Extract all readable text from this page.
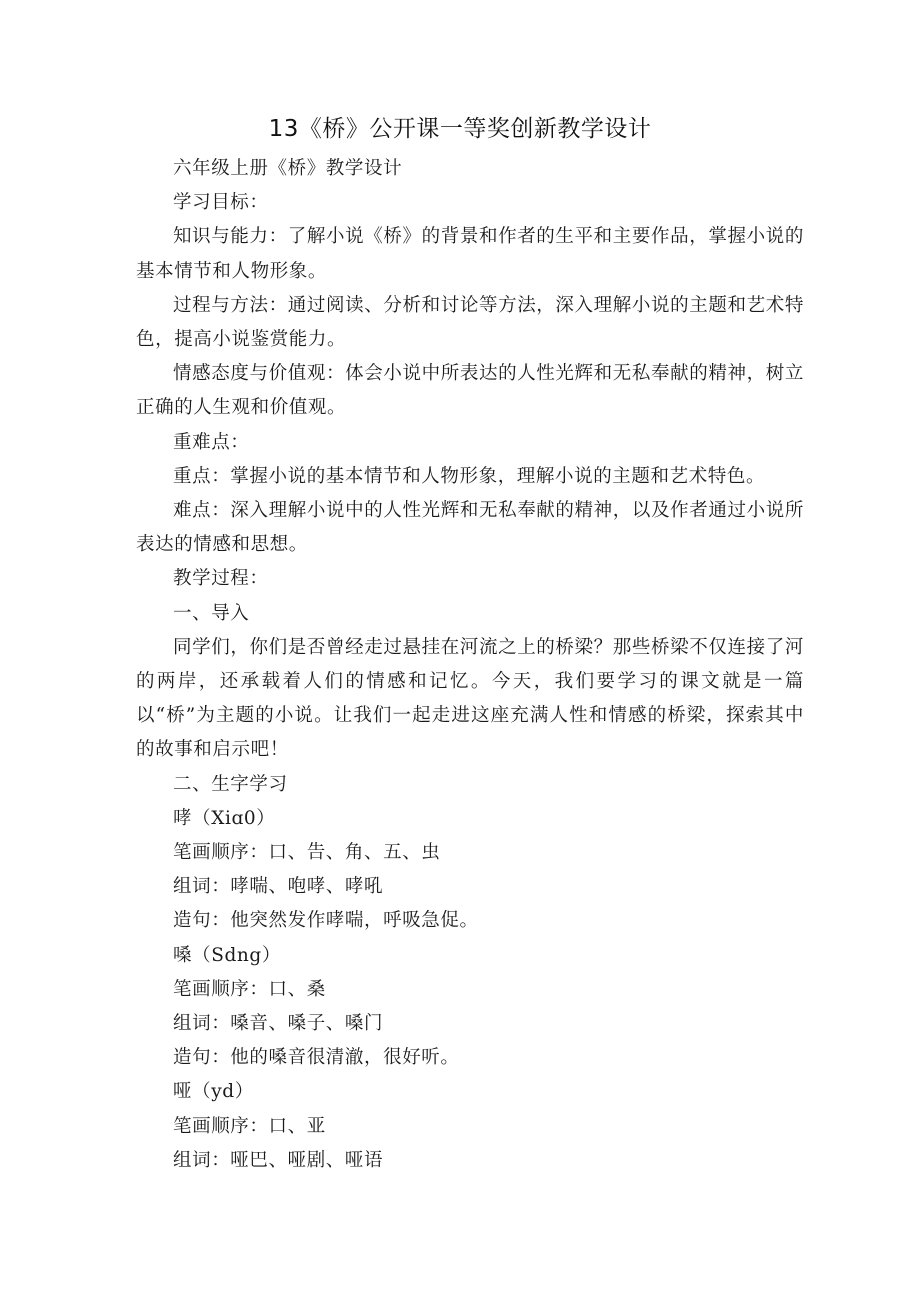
13《桥》公开课一等奖创新教学设计

六年级上册《桥》教学设计

学习目标：

知识与能力：了解小说《桥》的背景和作者的生平和主要作品，掌握小说的基本情节和人物形象。

过程与方法：通过阅读、分析和讨论等方法，深入理解小说的主题和艺术特色，提高小说鉴赏能力。

情感态度与价值观：体会小说中所表达的人性光辉和无私奉献的精神，树立正确的人生观和价值观。

重难点：

重点：掌握小说的基本情节和人物形象，理解小说的主题和艺术特色。

难点：深入理解小说中的人性光辉和无私奉献的精神，以及作者通过小说所表达的情感和思想。

教学过程：

一、导入

同学们，你们是否曾经走过悬挂在河流之上的桥梁？那些桥梁不仅连接了河的两岸，还承载着人们的情感和记忆。今天，我们要学习的课文就是一篇以“桥”为主题的小说。让我们一起走进这座充满人性和情感的桥梁，探索其中的故事和启示吧！

二、生字学习

哮（Xiɑ0）

笔画顺序：口、告、角、五、虫

组词：哮喘、咆哮、哮吼

造句：他突然发作哮喘，呼吸急促。

嗓（Sdng）

笔画顺序：口、桑

组词：嗓音、嗓子、嗓门

造句：他的嗓音很清澈，很好听。

哑（yd）

笔画顺序：口、亚

组词：哑巴、哑剧、哑语
